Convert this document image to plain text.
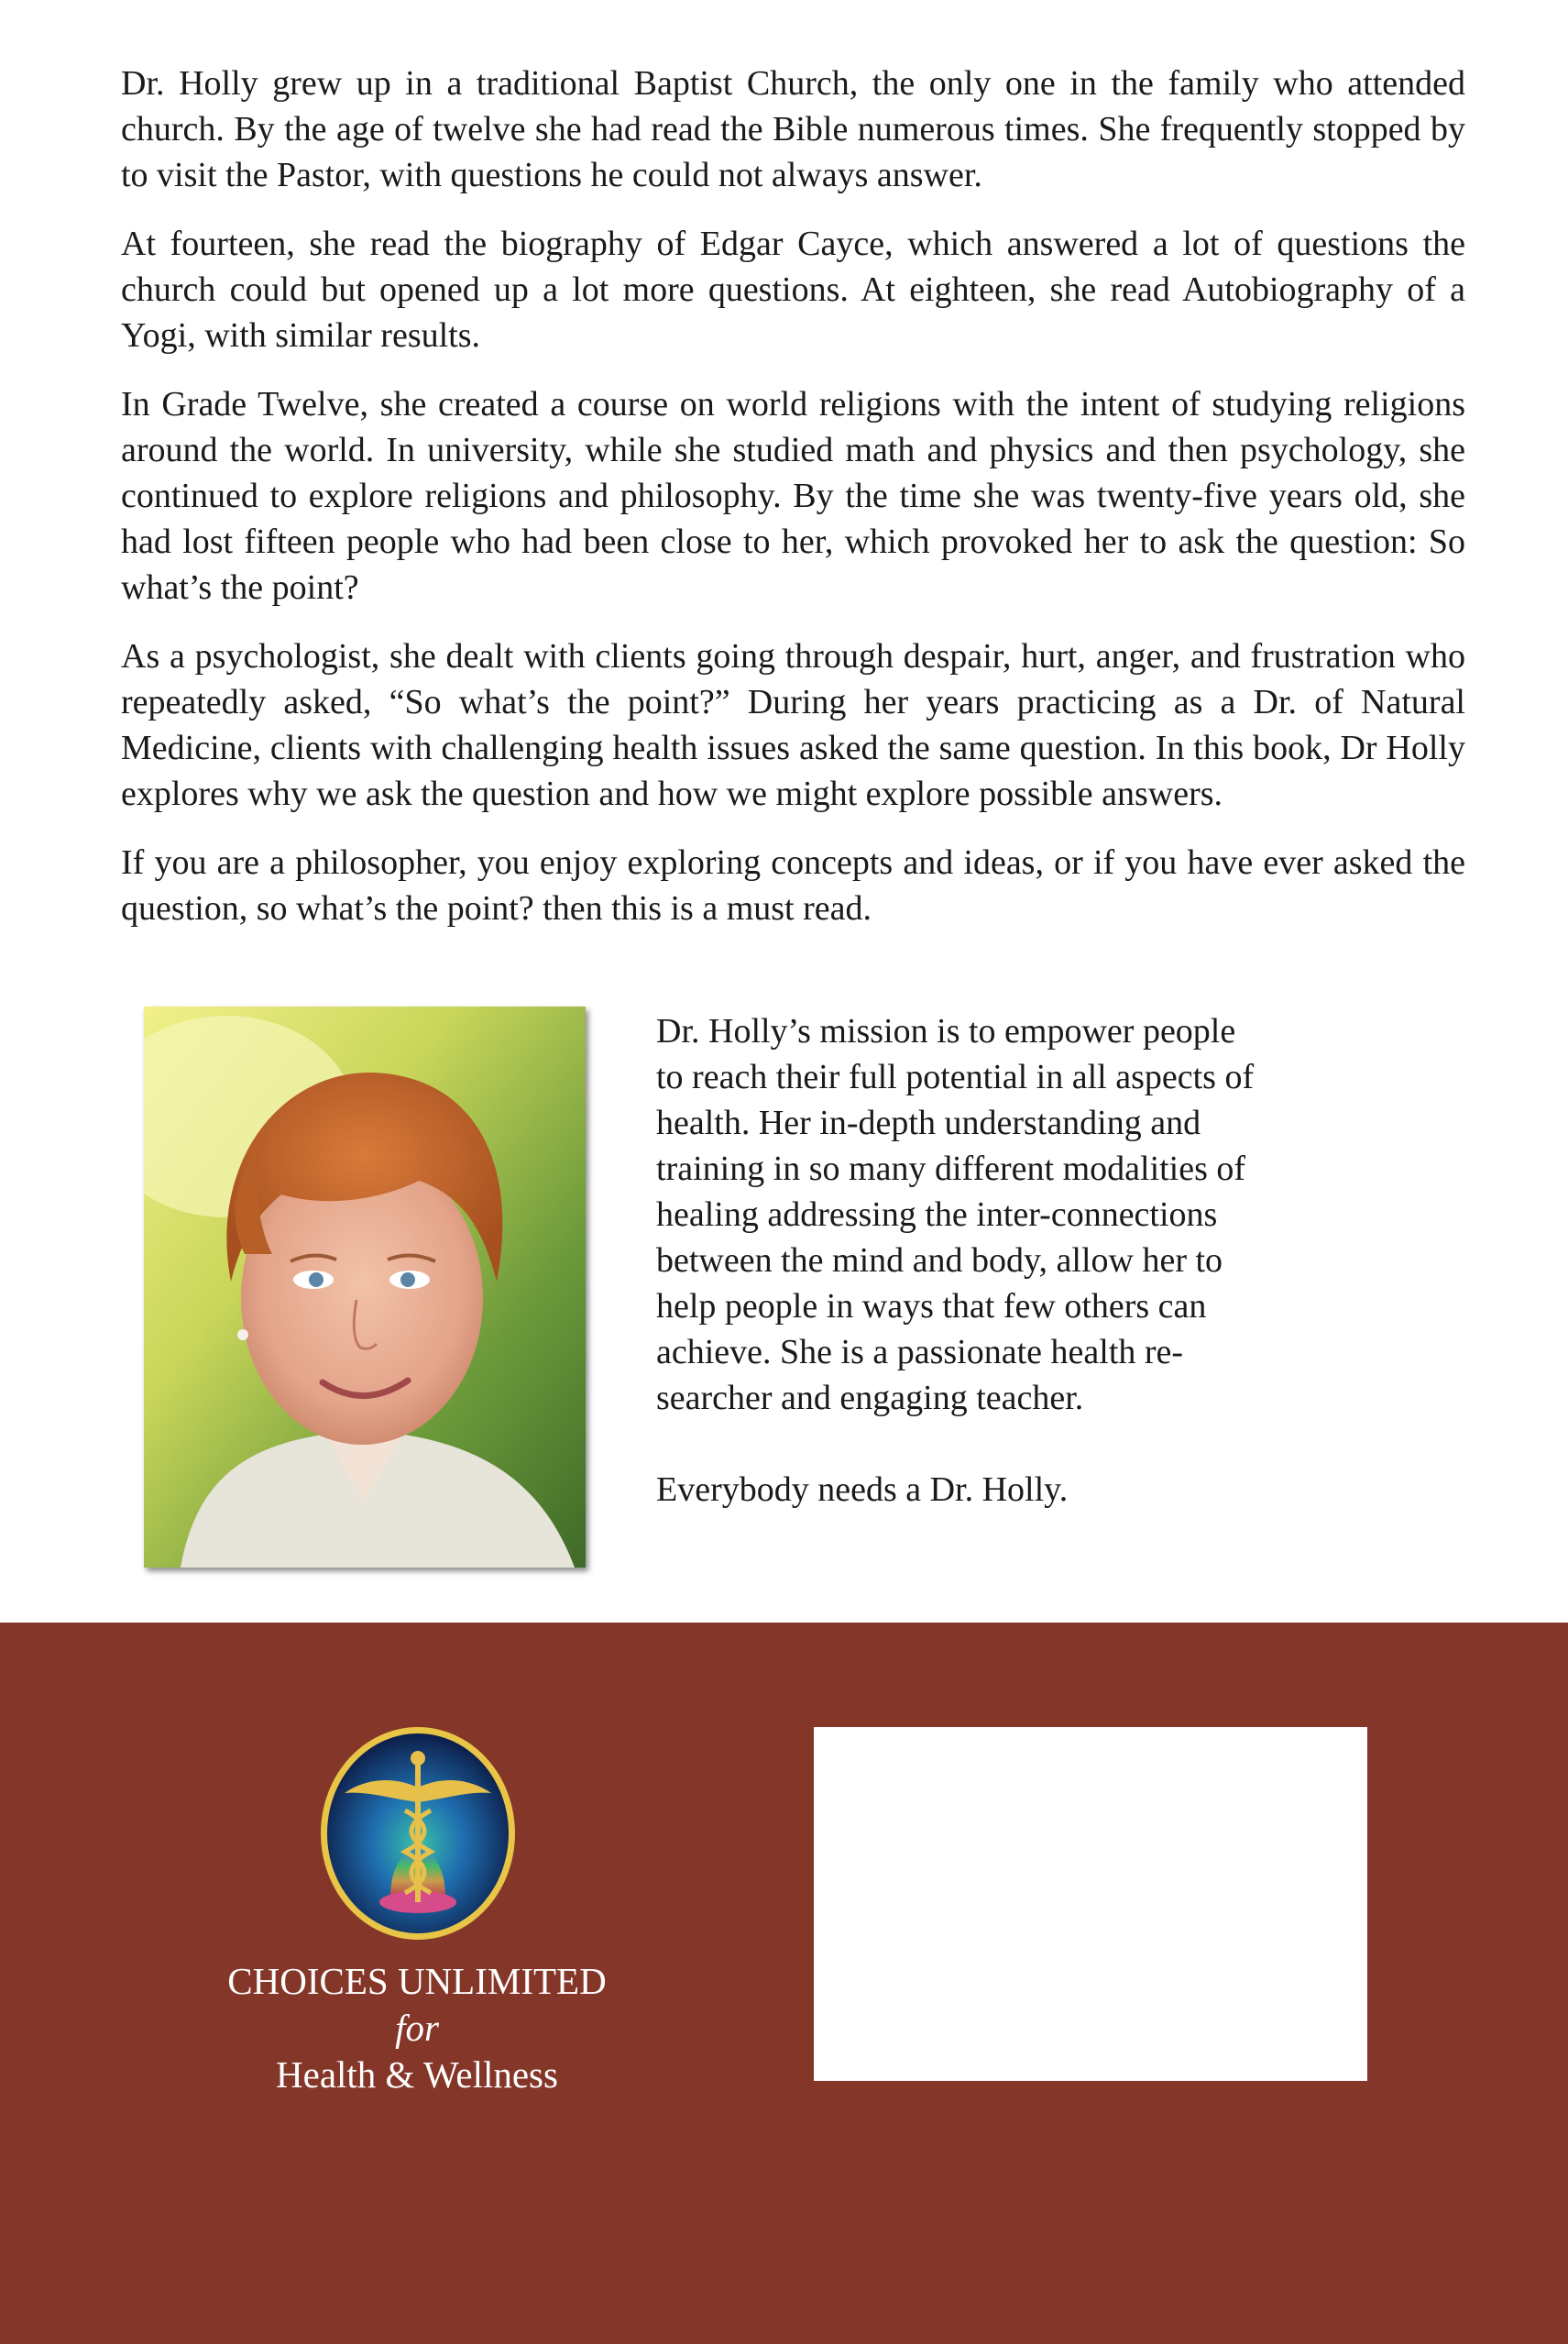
Dr. Holly grew up in a traditional Baptist Church, the only one in the family who attended church. By the age of twelve she had read the Bible numerous times. She frequently stopped by to visit the Pastor, with questions he could not always answer.

At fourteen, she read the biography of Edgar Cayce, which answered a lot of questions the church could but opened up a lot more questions. At eighteen, she read Autobiography of a Yogi, with similar results.

In Grade Twelve, she created a course on world religions with the intent of studying religions around the world. In university, while she studied math and physics and then psychology, she continued to explore religions and philosophy. By the time she was twenty-five years old, she had lost fifteen people who had been close to her, which provoked her to ask the question: So what’s the point?

As a psychologist, she dealt with clients going through despair, hurt, anger, and frustration who repeatedly asked, “So what’s the point?” During her years practicing as a Dr. of Natural Medicine, clients with challenging health issues asked the same question. In this book, Dr Holly explores why we ask the question and how we might explore possible answers.

If you are a philosopher, you enjoy exploring concepts and ideas, or if you have ever asked the question, so what’s the point? then this is a must read.

Dr. Holly’s mission is to empower people
to reach their full potential in all aspects of
health. Her in-depth understanding and
training in so many different modalities of
healing addressing the inter-connections
between the mind and body, allow her to
help people in ways that few others can
achieve. She is a passionate health re-
searcher and engaging teacher.

Everybody needs a Dr. Holly.

CHOICES UNLIMITED
for
Health & Wellness
